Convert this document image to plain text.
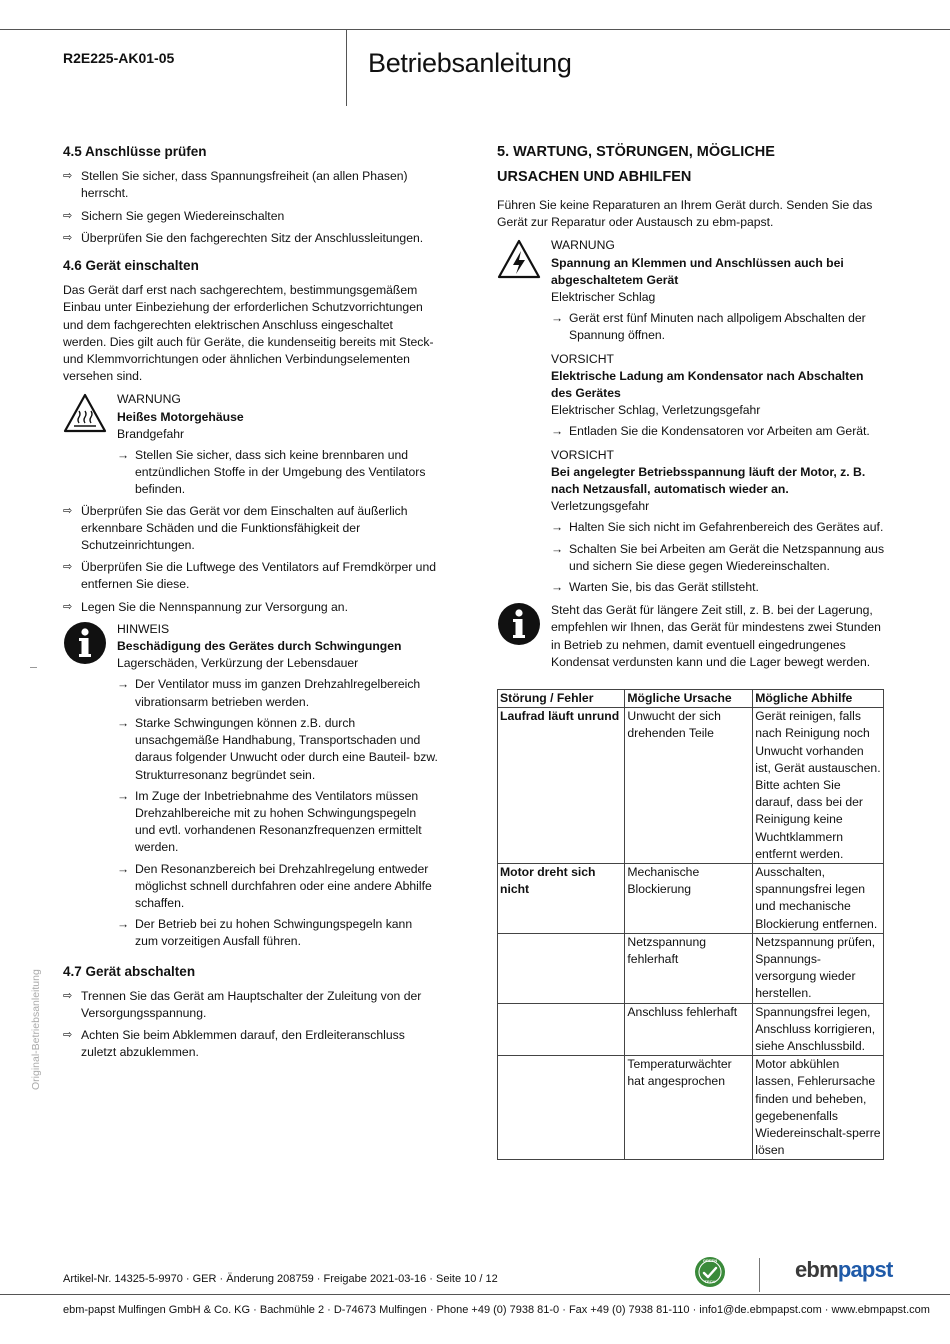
R2E225-AK01-05	Betriebsanleitung
Original-Betriebsanleitung
4.5 Anschlüsse prüfen
⇨ Stellen Sie sicher, dass Spannungsfreiheit (an allen Phasen) herrscht.
⇨ Sichern Sie gegen Wiedereinschalten
⇨ Überprüfen Sie den fachgerechten Sitz der Anschlussleitungen.
4.6 Gerät einschalten

Das Gerät darf erst nach sachgerechtem, bestimmungsgemäßem Einbau unter Einbeziehung der erforderlichen Schutzvorrichtungen und dem fachgerechten elektrischen Anschluss eingeschaltet werden. Dies gilt auch für Geräte, die kundenseitig bereits mit Steck- und Klemmvorrichtungen oder ähnlichen Verbindungselementen versehen sind.

WARNUNG
Heißes Motorgehäuse
Brandgefahr
→ Stellen Sie sicher, dass sich keine brennbaren und entzündlichen Stoffe in der Umgebung des Ventilators befinden.
⇨ Überprüfen Sie das Gerät vor dem Einschalten auf äußerlich erkennbare Schäden und die Funktionsfähigkeit der Schutzeinrichtungen.
⇨ Überprüfen Sie die Luftwege des Ventilators auf Fremdkörper und entfernen Sie diese.
⇨ Legen Sie die Nennspannung zur Versorgung an.
HINWEIS
Beschädigung des Gerätes durch Schwingungen
Lagerschäden, Verkürzung der Lebensdauer
→ Der Ventilator muss im ganzen Drehzahlregelbereich vibrationsarm betrieben werden.
→ Starke Schwingungen können z.B. durch unsachgemäße Handhabung, Transportschaden und daraus folgender Unwucht oder durch eine Bauteil- bzw. Strukturresonanz begründet sein.
→ Im Zuge der Inbetriebnahme des Ventilators müssen Drehzahlbereiche mit zu hohen Schwingungspegeln und evtl. vorhandenen Resonanzfrequenzen ermittelt werden.
→ Den Resonanzbereich bei Drehzahlregelung entweder möglichst schnell durchfahren oder eine andere Abhilfe schaffen.
→ Der Betrieb bei zu hohen Schwingungspegeln kann zum vorzeitigen Ausfall führen.
4.7 Gerät abschalten
⇨ Trennen Sie das Gerät am Hauptschalter der Zuleitung von der Versorgungsspannung.
⇨ Achten Sie beim Abklemmen darauf, den Erdleiteranschluss zuletzt abzuklemmen.
5. WARTUNG, STÖRUNGEN, MÖGLICHE
URSACHEN UND ABHILFEN

Führen Sie keine Reparaturen an Ihrem Gerät durch. Senden Sie das Gerät zur Reparatur oder Austausch zu ebm-papst.

WARNUNG
Spannung an Klemmen und Anschlüssen auch bei abgeschaltetem Gerät
Elektrischer Schlag
→ Gerät erst fünf Minuten nach allpoligem Abschalten der Spannung öffnen.
VORSICHT
Elektrische Ladung am Kondensator nach Abschalten des Gerätes
Elektrischer Schlag, Verletzungsgefahr
→ Entladen Sie die Kondensatoren vor Arbeiten am Gerät.
VORSICHT
Bei angelegter Betriebsspannung läuft der Motor, z. B. nach Netzausfall, automatisch wieder an.
Verletzungsgefahr
→ Halten Sie sich nicht im Gefahrenbereich des Gerätes auf.
→ Schalten Sie bei Arbeiten am Gerät die Netzspannung aus und sichern Sie diese gegen Wiedereinschalten.
→ Warten Sie, bis das Gerät stillsteht.

Steht das Gerät für längere Zeit still, z. B. bei der Lagerung, empfehlen wir Ihnen, das Gerät für mindestens zwei Stunden in Betrieb zu nehmen, damit eventuell eingedrungenes Kondensat verdunsten kann und die Lager bewegt werden.

Störung / Fehler	Mögliche Ursache	Mögliche Abhilfe
Laufrad läuft unrund	Unwucht der sich drehenden Teile	Gerät reinigen, falls nach Reinigung noch Unwucht vorhanden ist, Gerät austauschen.
Bitte achten Sie darauf, dass bei der Reinigung keine Wuchtklammern entfernt werden.

Motor dreht sich nicht	Mechanische Blockierung	Ausschalten, spannungsfrei legen und mechanische Blockierung entfernen.
	Netzspannung fehlerhaft	Netzspannung prüfen, Spannungs-versorgung wieder herstellen.
	Anschluss fehlerhaft	Spannungsfrei legen, Anschluss korrigieren, siehe Anschlussbild.
	Temperaturwächter hat angesprochen	Motor abkühlen lassen, Fehlerursache finden und beheben, gegebenenfalls Wiedereinschalt-sperre lösen
Artikel-Nr. 14325-5-9970 · GER · Änderung 208759 · Freigabe 2021-03-16 · Seite 10 / 12
GREEN
TECH	ebmpapst
ebm-papst Mulfingen GmbH & Co. KG · Bachmühle 2 · D-74673 Mulfingen · Phone +49 (0) 7938 81-0 · Fax +49 (0) 7938 81-110 · info1@de.ebmpapst.com · www.ebmpapst.com
